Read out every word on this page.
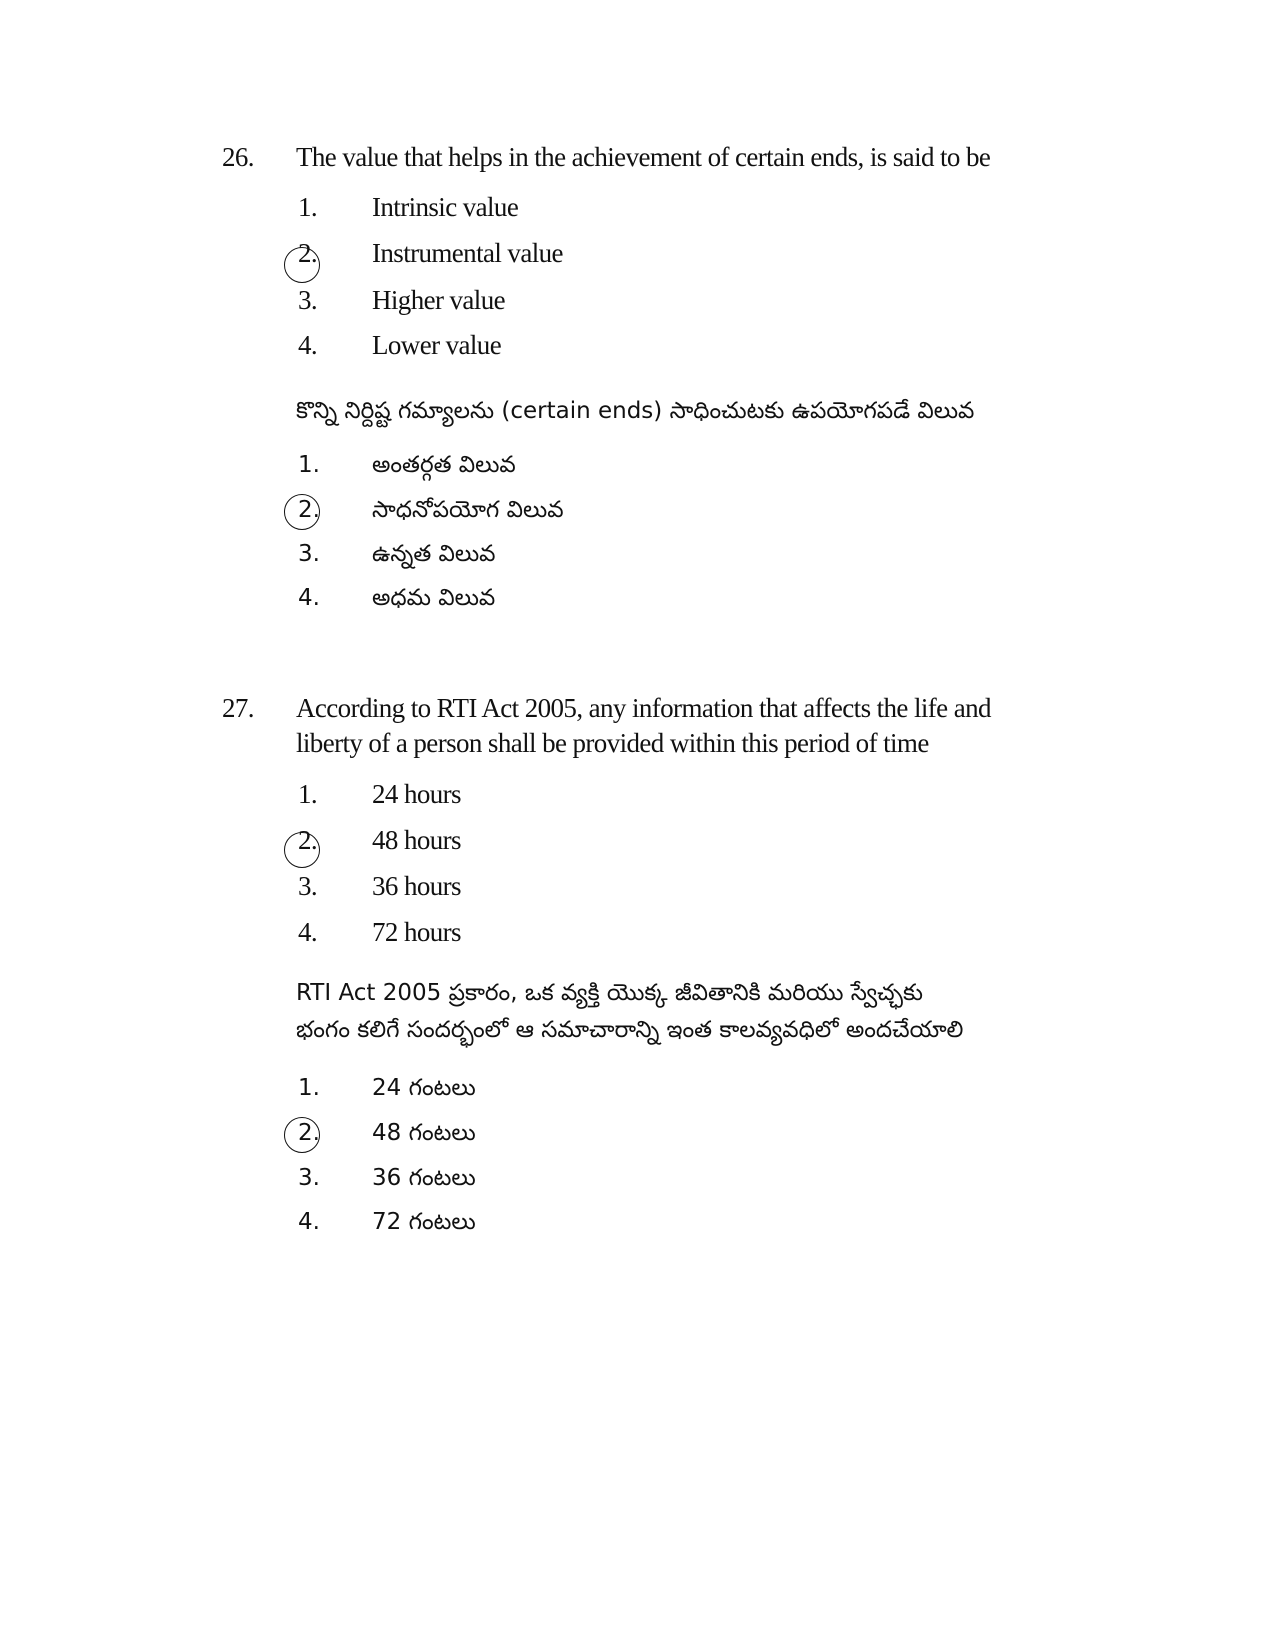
26. The value that helps in the achievement of certain ends, is said to be
1. Intrinsic value
2. Instrumental value
3. Higher value
4. Lower value
కొన్ని నిర్దిష్ట గమ్యాలను (certain ends) సాధించుటకు ఉపయోగపడే విలువ
1. అంతర్గత విలువ
2. సాధనోపయోగ విలువ
3. ఉన్నత విలువ
4. అధమ విలువ
27. According to RTI Act 2005, any information that affects the life and
liberty of a person shall be provided within this period of time
1. 24 hours
2. 48 hours
3. 36 hours
4. 72 hours
RTI Act 2005 ప్రకారం, ఒక వ్యక్తి యొక్క జీవితానికి మరియు స్వేచ్ఛకు
భంగం కలిగే సందర్భంలో ఆ సమాచారాన్ని ఇంత కాలవ్యవధిలో అందచేయాలి
1. 24 గంటలు
2. 48 గంటలు
3. 36 గంటలు
4. 72 గంటలు
